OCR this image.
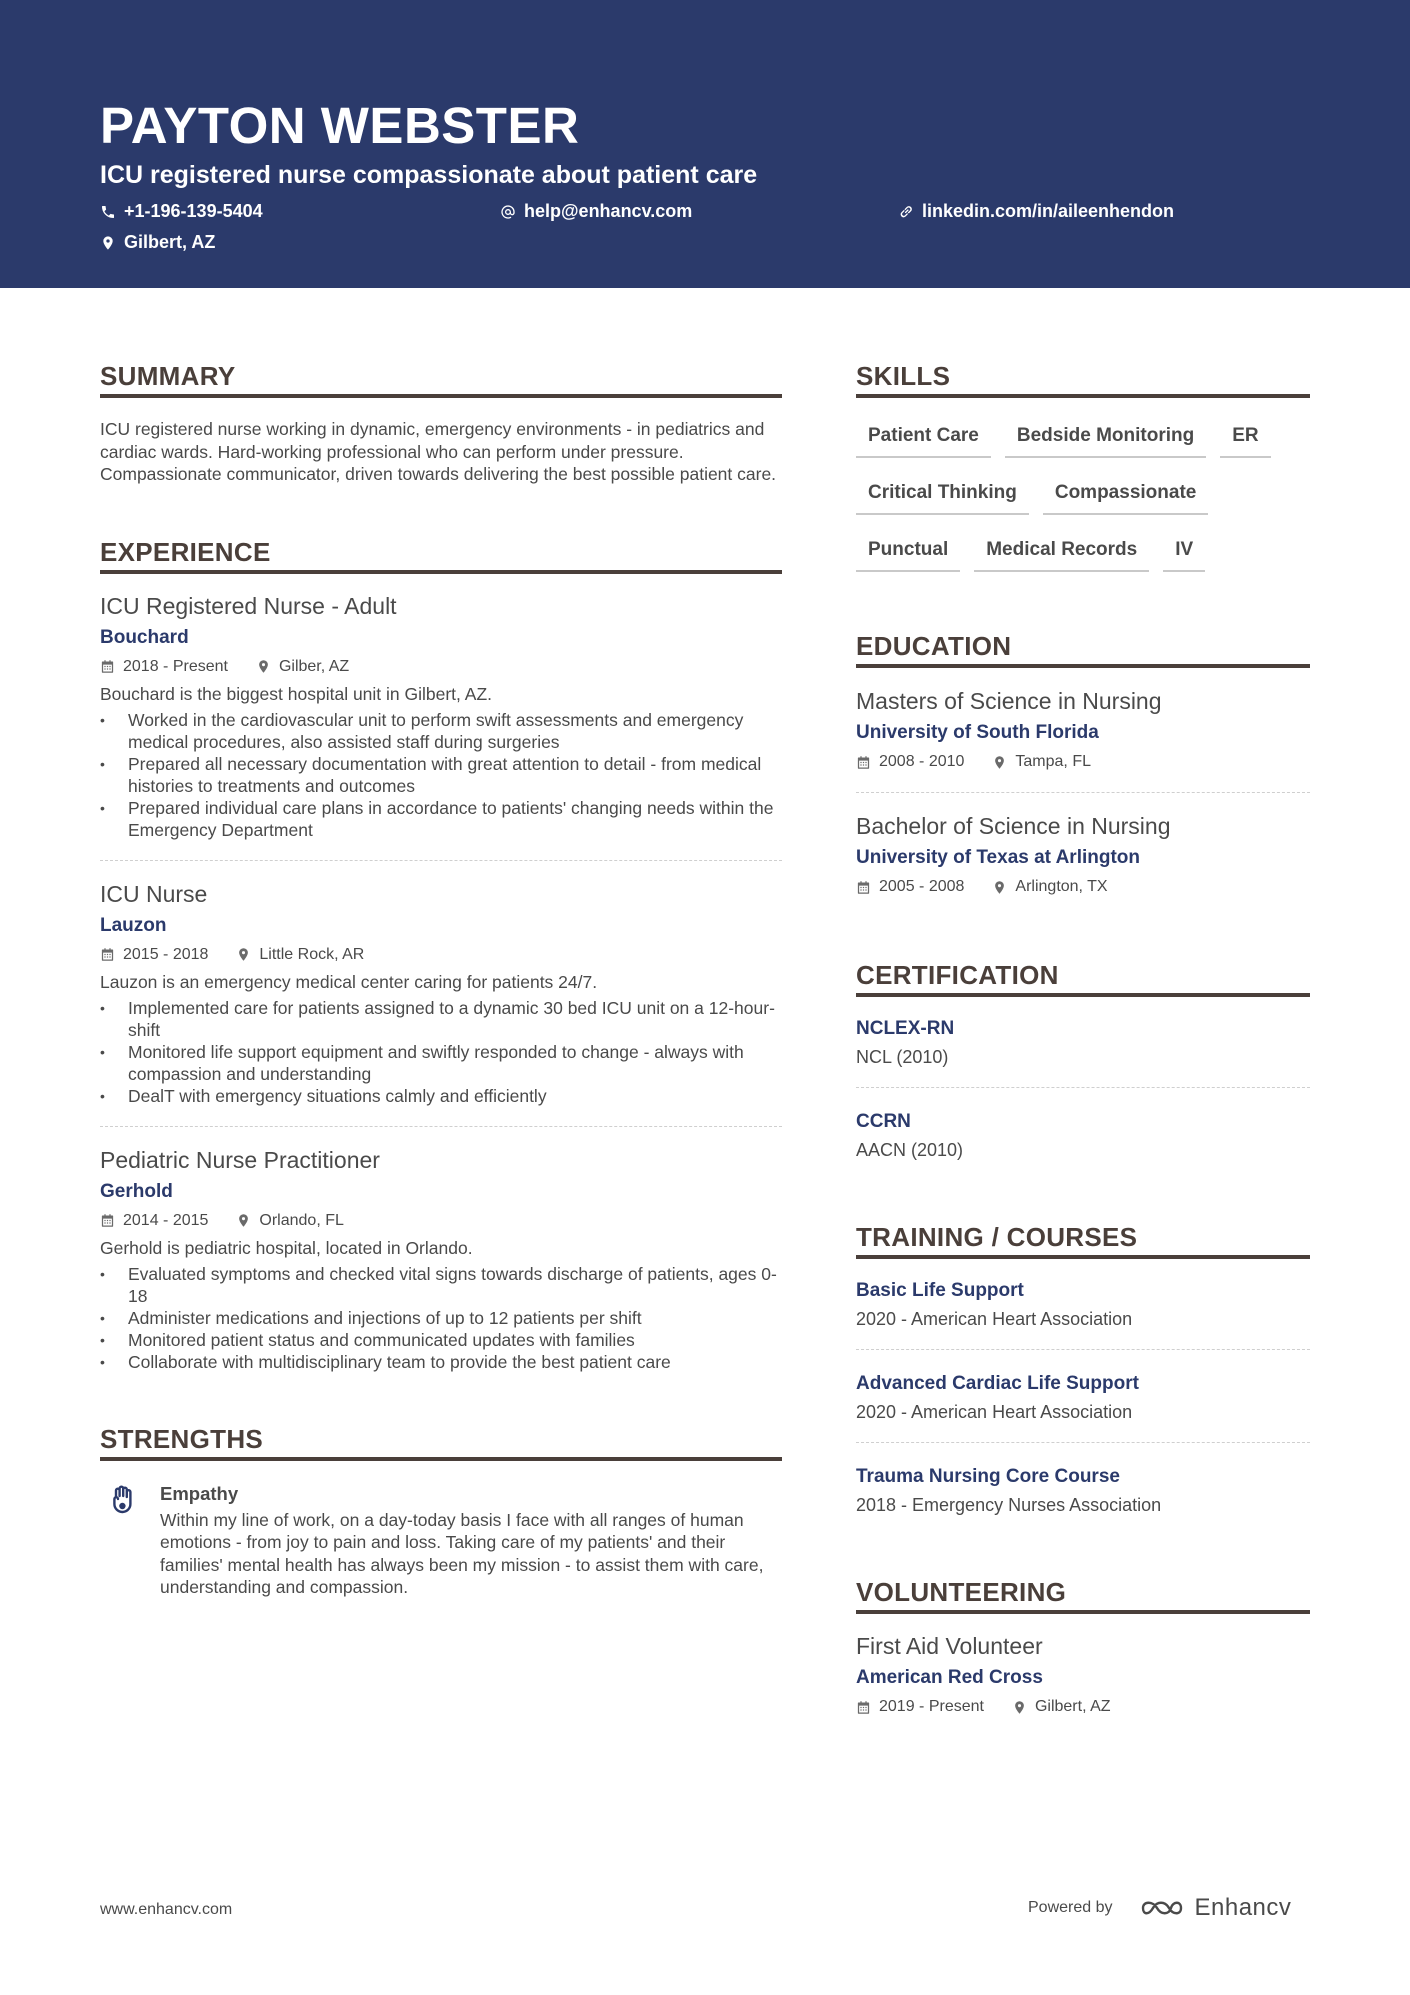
PAYTON WEBSTER
ICU registered nurse compassionate about patient care
+1-196-139-5404	help@enhancv.com	linkedin.com/in/aileenhendon
Gilbert, AZ
SUMMARY
ICU registered nurse working in dynamic, emergency environments - in pediatrics and cardiac wards. Hard-working professional who can perform under pressure. Compassionate communicator, driven towards delivering the best possible patient care.
EXPERIENCE
ICU Registered Nurse - Adult
Bouchard
2018 - Present	Gilber, AZ
Bouchard is the biggest hospital unit in Gilbert, AZ.
• Worked in the cardiovascular unit to perform swift assessments and emergency medical procedures, also assisted staff during surgeries
• Prepared all necessary documentation with great attention to detail - from medical histories to treatments and outcomes
• Prepared individual care plans in accordance to patients' changing needs within the Emergency Department
ICU Nurse
Lauzon
2015 - 2018	Little Rock, AR
Lauzon is an emergency medical center caring for patients 24/7.
• Implemented care for patients assigned to a dynamic 30 bed ICU unit on a 12-hour-shift
• Monitored life support equipment and swiftly responded to change - always with compassion and understanding
• DealT with emergency situations calmly and efficiently
Pediatric Nurse Practitioner
Gerhold
2014 - 2015	Orlando, FL
Gerhold is pediatric hospital, located in Orlando.
• Evaluated symptoms and checked vital signs towards discharge of patients, ages 0-18
• Administer medications and injections of up to 12 patients per shift
• Monitored patient status and communicated updates with families
• Collaborate with multidisciplinary team to provide the best patient care
STRENGTHS
Empathy
Within my line of work, on a day-today basis I face with all ranges of human emotions - from joy to pain and loss. Taking care of my patients' and their families' mental health has always been my mission - to assist them with care, understanding and compassion.
SKILLS
Patient Care	Bedside Monitoring	ER
Critical Thinking	Compassionate
Punctual	Medical Records	IV
EDUCATION
Masters of Science in Nursing
University of South Florida
2008 - 2010	Tampa, FL
Bachelor of Science in Nursing
University of Texas at Arlington
2005 - 2008	Arlington, TX
CERTIFICATION
NCLEX-RN
NCL (2010)
CCRN
AACN (2010)
TRAINING / COURSES
Basic Life Support
2020 - American Heart Association
Advanced Cardiac Life Support
2020 - American Heart Association
Trauma Nursing Core Course
2018 - Emergency Nurses Association
VOLUNTEERING
First Aid Volunteer
American Red Cross
2019 - Present	Gilbert, AZ
www.enhancv.com	Powered by	Enhancv
